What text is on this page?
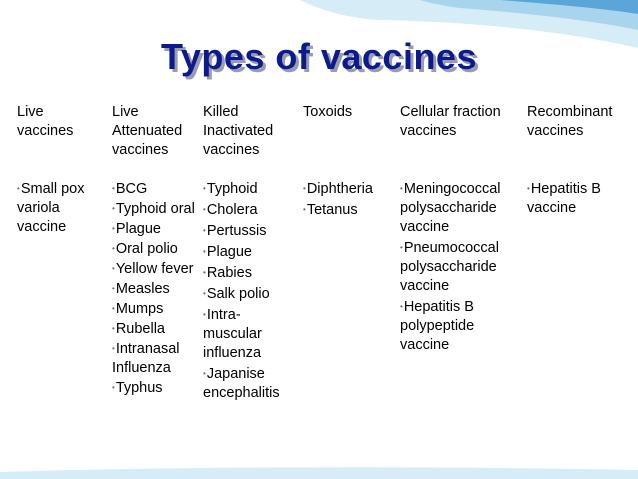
Types of vaccines
Live
vaccines
•Small pox variola vaccine
Live
Attenuated
vaccines
•BCG
•Typhoid oral
•Plague
•Oral polio
•Yellow fever
•Measles
•Mumps
•Rubella
•Intranasal
Influenza
•Typhus
Killed
Inactivated
vaccines
•Typhoid
•Cholera
•Pertussis
•Plague
•Rabies
•Salk polio
•Intra-muscular influenza
•Japanise encephalitis
Toxoids
•Diphtheria
•Tetanus
Cellular fraction
vaccines
•Meningococcal polysaccharide vaccine
•Pneumococcal polysaccharide vaccine
•Hepatitis B polypeptide vaccine
Recombinant
vaccines
•Hepatitis B vaccine
